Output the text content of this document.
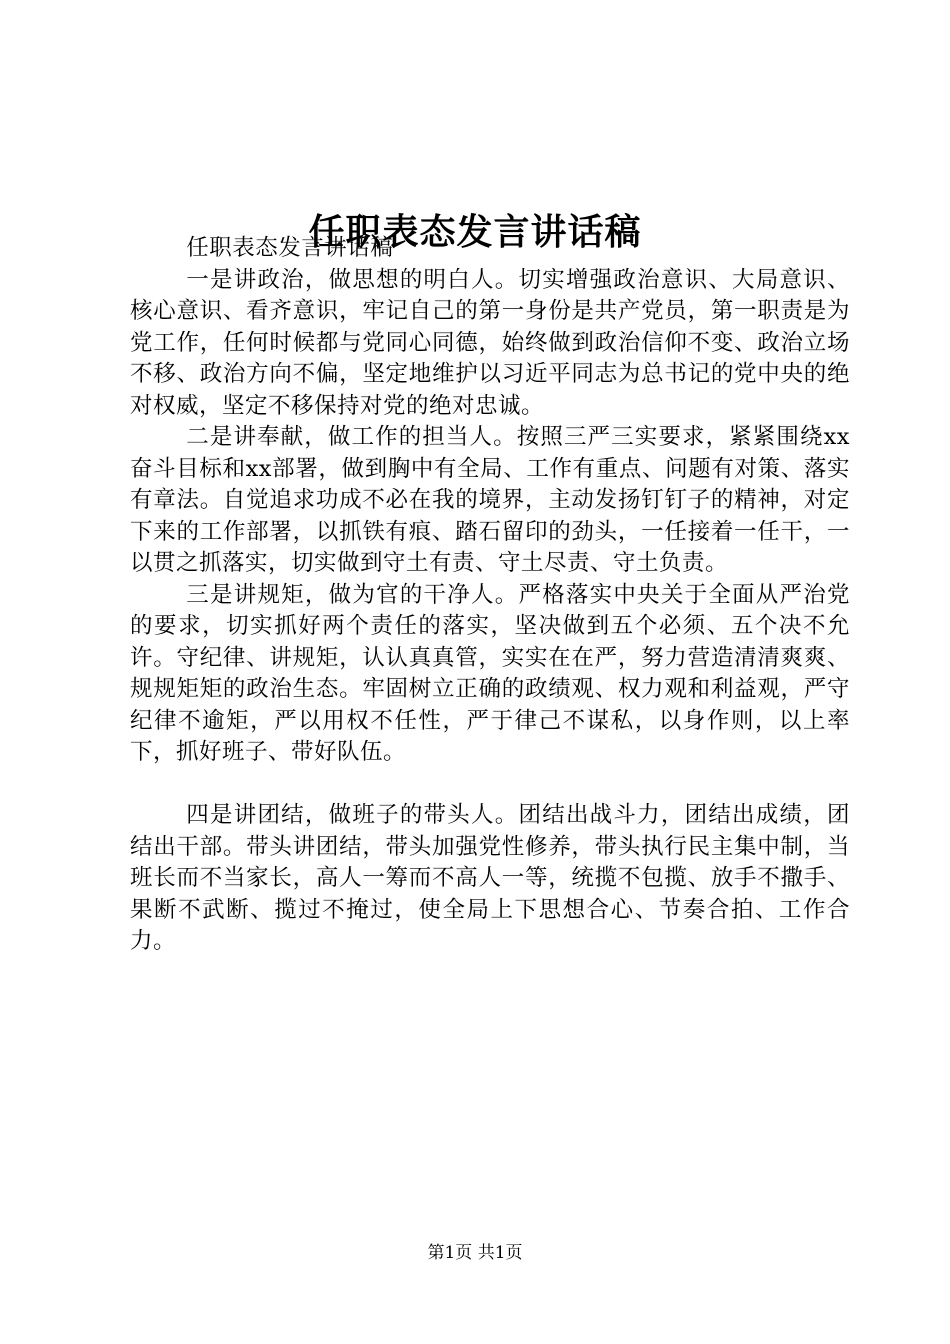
任职表态发言讲话稿

任职表态发言讲话稿

一是讲政治，做思想的明白人。切实增强政治意识、大局意识、核心意识、看齐意识，牢记自己的第一身份是共产党员，第一职责是为党工作，任何时候都与党同心同德，始终做到政治信仰不变、政治立场不移、政治方向不偏，坚定地维护以习近平同志为总书记的党中央的绝对权威，坚定不移保持对党的绝对忠诚。

二是讲奉献，做工作的担当人。按照三严三实要求，紧紧围绕xx奋斗目标和xx部署，做到胸中有全局、工作有重点、问题有对策、落实有章法。自觉追求功成不必在我的境界，主动发扬钉钉子的精神，对定下来的工作部署，以抓铁有痕、踏石留印的劲头，一任接着一任干，一以贯之抓落实，切实做到守土有责、守土尽责、守土负责。

三是讲规矩，做为官的干净人。严格落实中央关于全面从严治党的要求，切实抓好两个责任的落实，坚决做到五个必须、五个决不允许。守纪律、讲规矩，认认真真管，实实在在严，努力营造清清爽爽、规规矩矩的政治生态。牢固树立正确的政绩观、权力观和利益观，严守纪律不逾矩，严以用权不任性，严于律己不谋私，以身作则，以上率下，抓好班子、带好队伍。

四是讲团结，做班子的带头人。团结出战斗力，团结出成绩，团结出干部。带头讲团结，带头加强党性修养，带头执行民主集中制，当班长而不当家长，高人一筹而不高人一等，统揽不包揽、放手不撒手、果断不武断、揽过不掩过，使全局上下思想合心、节奏合拍、工作合力。

第1页 共1页
